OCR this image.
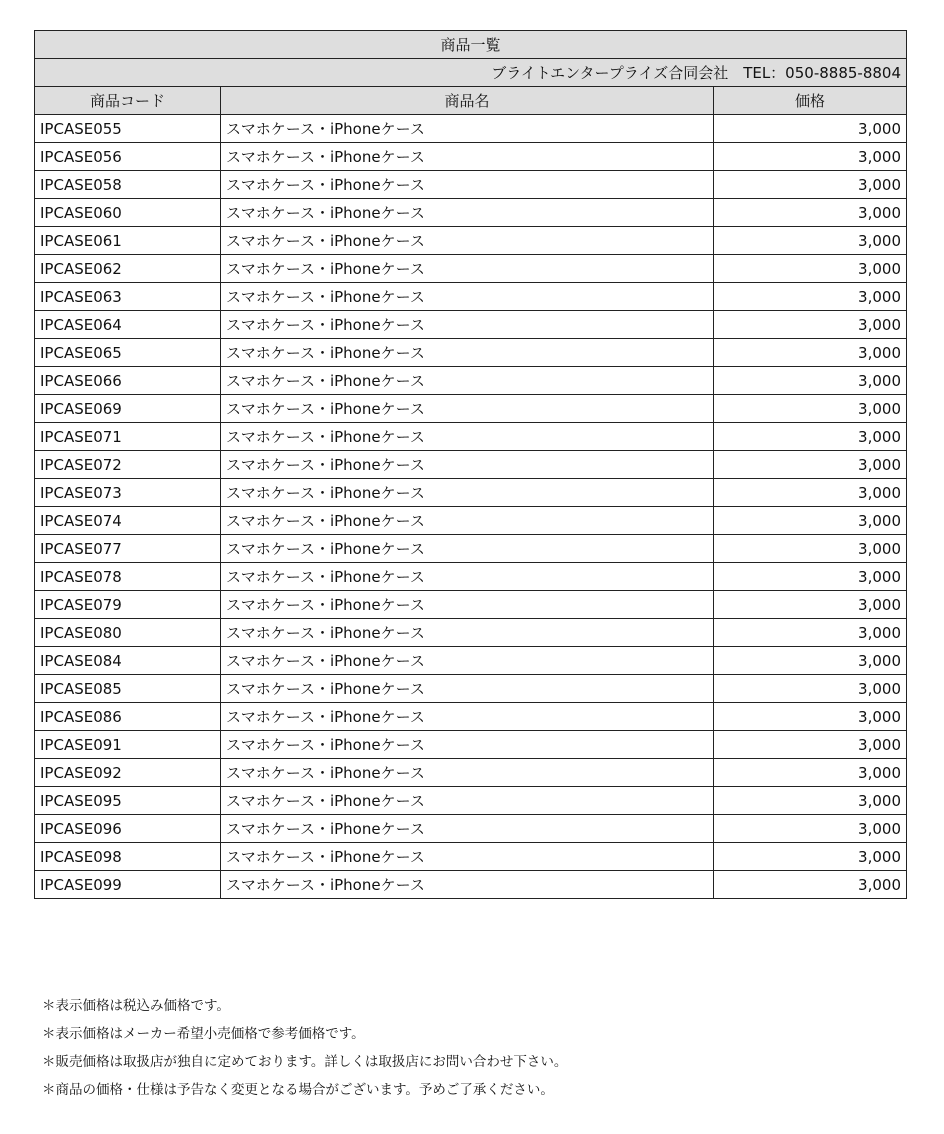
商品一覧		
ブライトエンタープライズ合同会社　TEL：050-8885-8804		
商品コード	商品名	価格
IPCASE055	スマホケース・iPhoneケース	3,000
IPCASE056	スマホケース・iPhoneケース	3,000
IPCASE058	スマホケース・iPhoneケース	3,000
IPCASE060	スマホケース・iPhoneケース	3,000
IPCASE061	スマホケース・iPhoneケース	3,000
IPCASE062	スマホケース・iPhoneケース	3,000
IPCASE063	スマホケース・iPhoneケース	3,000
IPCASE064	スマホケース・iPhoneケース	3,000
IPCASE065	スマホケース・iPhoneケース	3,000
IPCASE066	スマホケース・iPhoneケース	3,000
IPCASE069	スマホケース・iPhoneケース	3,000
IPCASE071	スマホケース・iPhoneケース	3,000
IPCASE072	スマホケース・iPhoneケース	3,000
IPCASE073	スマホケース・iPhoneケース	3,000
IPCASE074	スマホケース・iPhoneケース	3,000
IPCASE077	スマホケース・iPhoneケース	3,000
IPCASE078	スマホケース・iPhoneケース	3,000
IPCASE079	スマホケース・iPhoneケース	3,000
IPCASE080	スマホケース・iPhoneケース	3,000
IPCASE084	スマホケース・iPhoneケース	3,000
IPCASE085	スマホケース・iPhoneケース	3,000
IPCASE086	スマホケース・iPhoneケース	3,000
IPCASE091	スマホケース・iPhoneケース	3,000
IPCASE092	スマホケース・iPhoneケース	3,000
IPCASE095	スマホケース・iPhoneケース	3,000
IPCASE096	スマホケース・iPhoneケース	3,000
IPCASE098	スマホケース・iPhoneケース	3,000
IPCASE099	スマホケース・iPhoneケース	3,000
＊表示価格は税込み価格です。
＊表示価格はメーカー希望小売価格で参考価格です。
＊販売価格は取扱店が独自に定めております。詳しくは取扱店にお問い合わせ下さい。
＊商品の価格・仕様は予告なく変更となる場合がございます。予めご了承ください。
